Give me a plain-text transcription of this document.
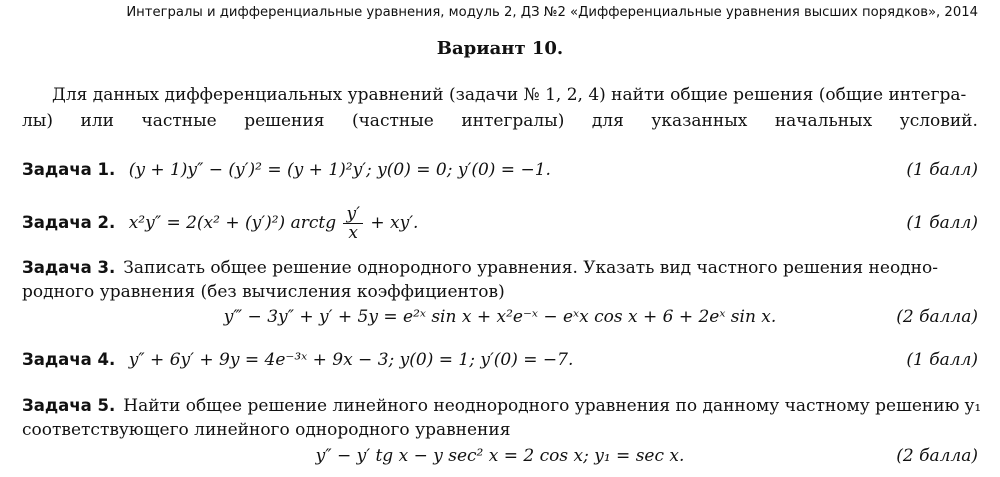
Интегралы и дифференциальные уравнения, модуль 2, ДЗ №2 «Дифференциальные уравнения высших порядков», 2014
Вариант 10.
Для данных дифференциальных уравнений (задачи № 1, 2, 4) найти общие решения (общие интегра-
лы) или частные решения (частные интегралы) для указанных начальных условий.
Задача 1. (y + 1)y″ − (y′)² = (y + 1)²y′; y(0) = 0; y′(0) = −1.	(1 балл)
Задача 2. x²y″ = 2(x² + (y′)²) arctg $\frac{y'}{x} + xy'$.	(1 балл)
Задача 3. Записать общее решение однородного уравнения. Указать вид частного решения неодно-
родного уравнения (без вычисления коэффициентов)
y‴ − 3y″ + y′ + 5y = e²ˣ sin x + x²e⁻ˣ − eˣx cos x + 6 + 2eˣ sin x.	(2 балла)
Задача 4. y″ + 6y′ + 9y = 4e⁻³ˣ + 9x − 3; y(0) = 1; y′(0) = −7.	(1 балл)
Задача 5. Найти общее решение линейного неоднородного уравнения по данному частному решению y₁
соответствующего линейного однородного уравнения
y″ − y′ tg x − y sec² x = 2 cos x; y₁ = sec x.	(2 балла)
